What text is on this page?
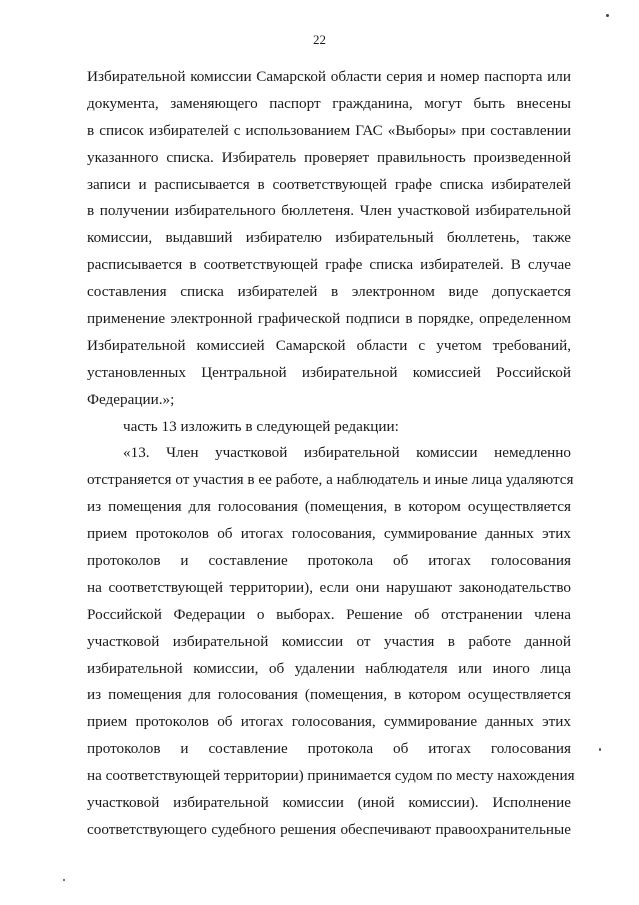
22
Избирательной комиссии Самарской области серия и номер паспорта или
документа, заменяющего паспорт гражданина, могут быть внесены
в список избирателей с использованием ГАС «Выборы» при составлении
указанного списка. Избиратель проверяет правильность произведенной
записи и расписывается в соответствующей графе списка избирателей
в получении избирательного бюллетеня. Член участковой избирательной
комиссии, выдавший избирателю избирательный бюллетень, также
расписывается в соответствующей графе списка избирателей. В случае
составления списка избирателей в электронном виде допускается
применение электронной графической подписи в порядке, определенном
Избирательной комиссией Самарской области с учетом требований,
установленных Центральной избирательной комиссией Российской
Федерации.»;
часть 13 изложить в следующей редакции:
«13. Член участковой избирательной комиссии немедленно
отстраняется от участия в ее работе, а наблюдатель и иные лица удаляются
из помещения для голосования (помещения, в котором осуществляется
прием протоколов об итогах голосования, суммирование данных этих
протоколов и составление протокола об итогах голосования
на соответствующей территории), если они нарушают законодательство
Российской Федерации о выборах. Решение об отстранении члена
участковой избирательной комиссии от участия в работе данной
избирательной комиссии, об удалении наблюдателя или иного лица
из помещения для голосования (помещения, в котором осуществляется
прием протоколов об итогах голосования, суммирование данных этих
протоколов и составление протокола об итогах голосования
на соответствующей территории) принимается судом по месту нахождения
участковой избирательной комиссии (иной комиссии). Исполнение
соответствующего судебного решения обеспечивают правоохранительные
